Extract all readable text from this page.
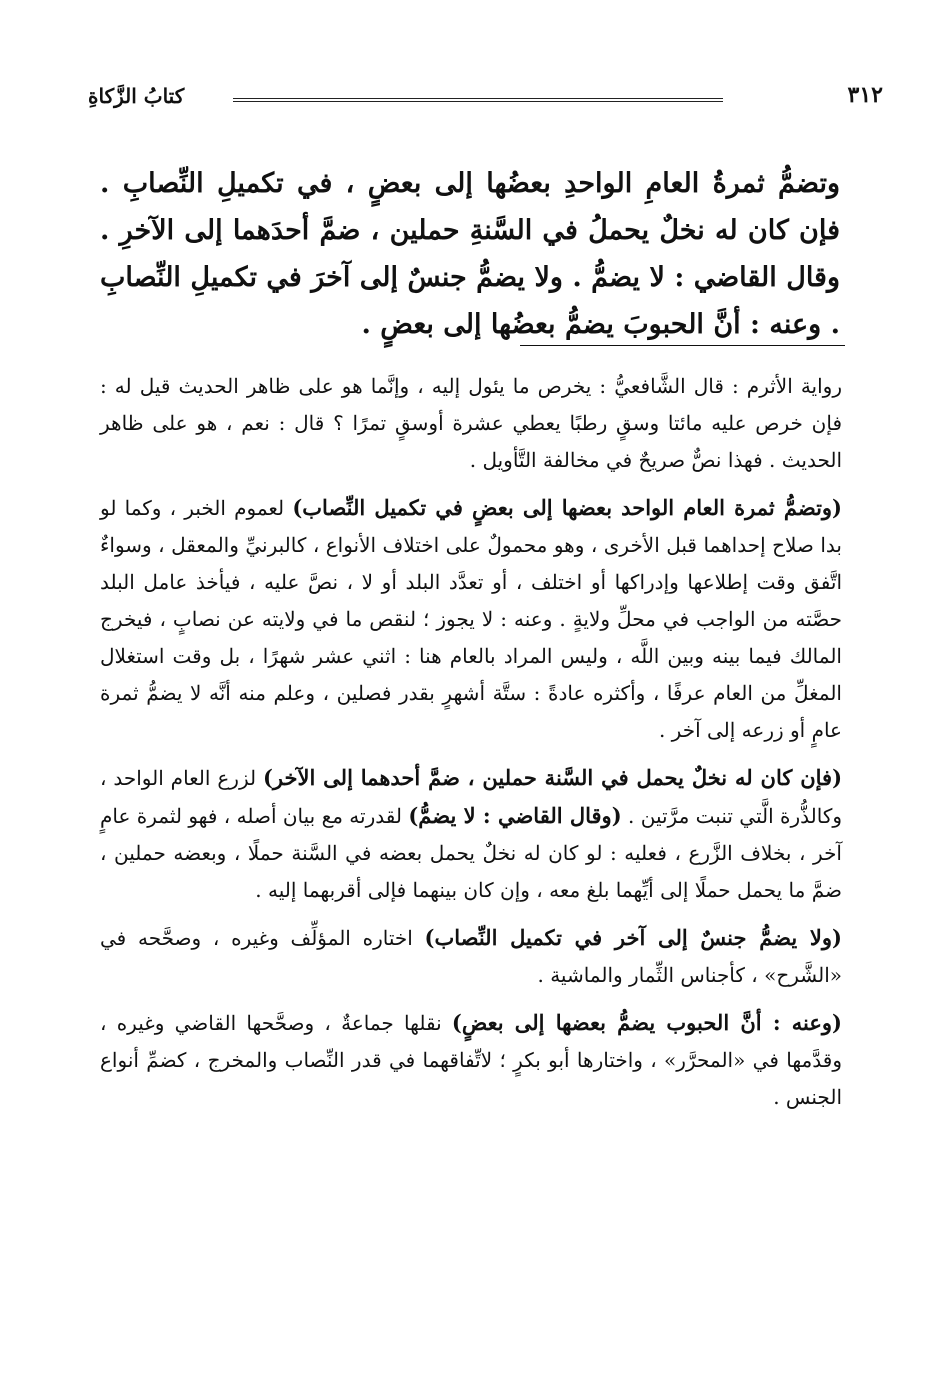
٣١٢
كتابُ الزَّكاةِ
وتضمُّ ثمرةُ العامِ الواحدِ بعضُها إلى بعضٍ ، في تكميلِ النِّصابِ . فإن كان له نخلٌ يحملُ في السَّنةِ حملين ، ضمَّ أحدَهما إلى الآخرِ . وقال القاضي : لا يضمُّ . ولا يضمُّ جنسٌ إلى آخرَ في تكميلِ النِّصابِ . وعنه : أنَّ الحبوبَ يضمُّ بعضُها إلى بعضٍ .

رواية الأثرم : قال الشَّافعيُّ : يخرص ما يئول إليه ، وإنَّما هو على ظاهر الحديث قيل له : فإن خرص عليه مائتا وسقٍ رطبًا يعطي عشرة أوسقٍ تمرًا ؟ قال : نعم ، هو على ظاهر الحديث . فهذا نصٌّ صريحٌ في مخالفة التَّأويل .

(وتضمُّ ثمرة العام الواحد بعضها إلى بعضٍ في تكميل النِّصاب) لعموم الخبر ، وكما لو بدا صلاح إحداهما قبل الأخرى ، وهو محمولٌ على اختلاف الأنواع ، كالبرنيِّ والمعقل ، وسواءٌ اتَّفق وقت إطلاعها وإدراكها أو اختلف ، أو تعدَّد البلد أو لا ، نصَّ عليه ، فيأخذ عامل البلد حصَّته من الواجب في محلِّ ولايةٍ . وعنه : لا يجوز ؛ لنقص ما في ولايته عن نصابٍ ، فيخرج المالك فيما بينه وبين اللَّه ، وليس المراد بالعام هنا : اثني عشر شهرًا ، بل وقت استغلال المغلِّ من العام عرفًا ، وأكثره عادةً : ستَّة أشهرٍ بقدر فصلين ، وعلم منه أنَّه لا يضمُّ ثمرة عامٍ أو زرعه إلى آخر .

(فإن كان له نخلٌ يحمل في السَّنة حملين ، ضمَّ أحدهما إلى الآخر) لزرع العام الواحد ، وكالذُّرة الَّتي تنبت مرَّتين . (وقال القاضي : لا يضمُّ) لقدرته مع بيان أصله ، فهو لثمرة عامٍ آخر ، بخلاف الزَّرع ، فعليه : لو كان له نخلٌ يحمل بعضه في السَّنة حملًا ، وبعضه حملين ، ضمَّ ما يحمل حملًا إلى أيِّهما بلغ معه ، وإن كان بينهما فإلى أقربهما إليه .

(ولا يضمُّ جنسٌ إلى آخر في تكميل النِّصاب) اختاره المؤلِّف وغيره ، وصحَّحه في «الشَّرح» ، كأجناس الثِّمار والماشية .

(وعنه : أنَّ الحبوب يضمُّ بعضها إلى بعضٍ) نقلها جماعةٌ ، وصحَّحها القاضي وغيره ، وقدَّمها في «المحرَّر» ، واختارها أبو بكرٍ ؛ لاتِّفاقهما في قدر النِّصاب والمخرج ، كضمِّ أنواع الجنس .
